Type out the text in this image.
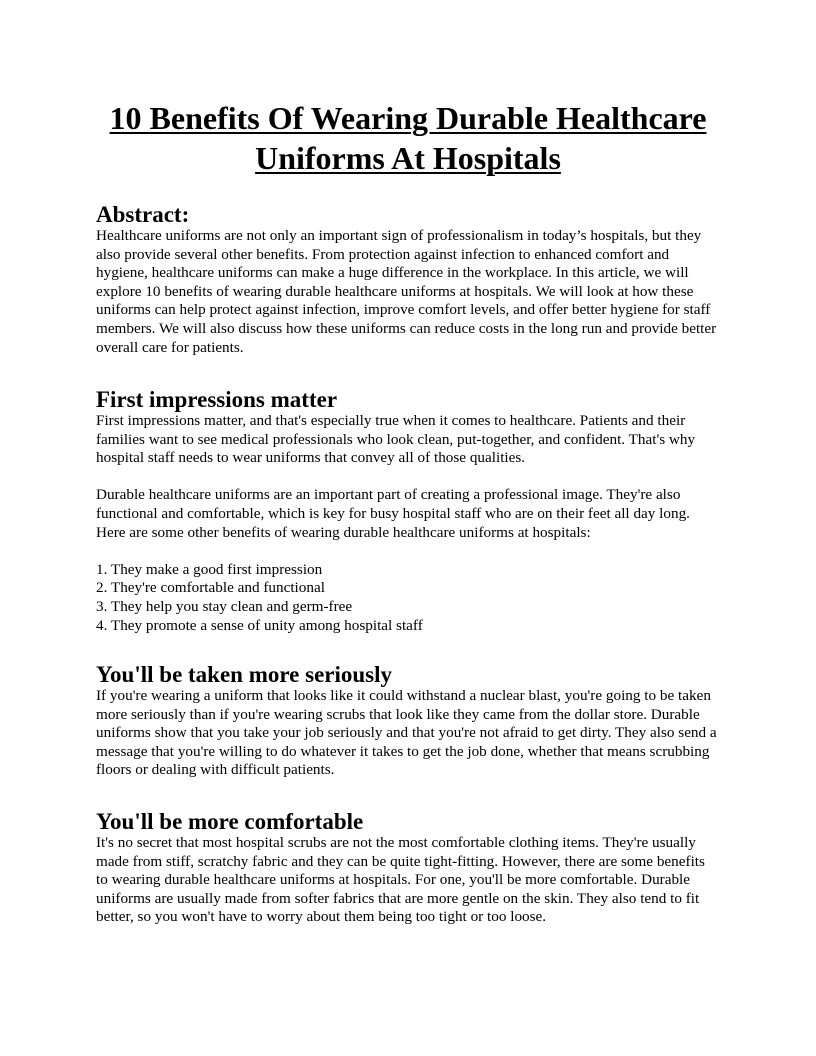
10 Benefits Of Wearing Durable Healthcare Uniforms At Hospitals
Abstract:

Healthcare uniforms are not only an important sign of professionalism in today’s hospitals, but they also provide several other benefits. From protection against infection to enhanced comfort and hygiene, healthcare uniforms can make a huge difference in the workplace. In this article, we will explore 10 benefits of wearing durable healthcare uniforms at hospitals. We will look at how these uniforms can help protect against infection, improve comfort levels, and offer better hygiene for staff members. We will also discuss how these uniforms can reduce costs in the long run and provide better overall care for patients.

First impressions matter

First impressions matter, and that's especially true when it comes to healthcare. Patients and their families want to see medical professionals who look clean, put-together, and confident. That's why hospital staff needs to wear uniforms that convey all of those qualities.

Durable healthcare uniforms are an important part of creating a professional image. They're also functional and comfortable, which is key for busy hospital staff who are on their feet all day long. Here are some other benefits of wearing durable healthcare uniforms at hospitals:

1. They make a good first impression

2. They're comfortable and functional

3. They help you stay clean and germ-free

4. They promote a sense of unity among hospital staff

You'll be taken more seriously

If you're wearing a uniform that looks like it could withstand a nuclear blast, you're going to be taken more seriously than if you're wearing scrubs that look like they came from the dollar store. Durable uniforms show that you take your job seriously and that you're not afraid to get dirty. They also send a message that you're willing to do whatever it takes to get the job done, whether that means scrubbing floors or dealing with difficult patients.

You'll be more comfortable

It's no secret that most hospital scrubs are not the most comfortable clothing items. They're usually made from stiff, scratchy fabric and they can be quite tight-fitting. However, there are some benefits to wearing durable healthcare uniforms at hospitals. For one, you'll be more comfortable. Durable uniforms are usually made from softer fabrics that are more gentle on the skin. They also tend to fit better, so you won't have to worry about them being too tight or too loose.
